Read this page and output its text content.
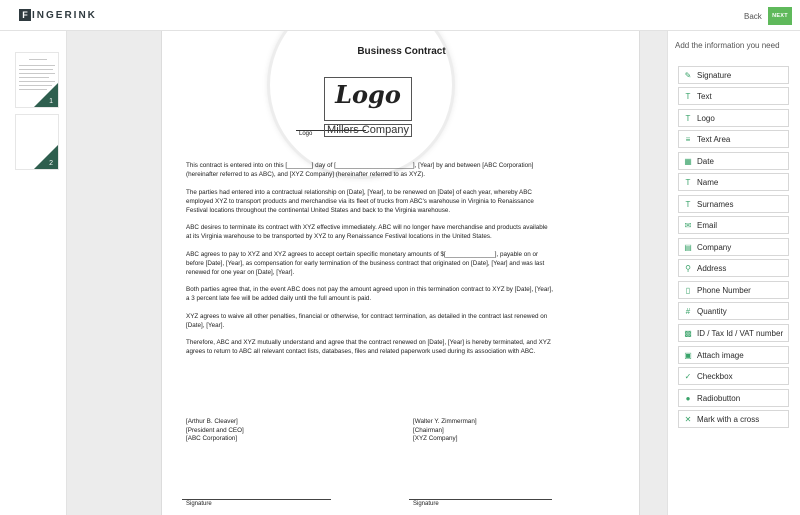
F INGERINK	Back	NEXT
1
2
Business Contract
Logo
Logo Millers Company

This contract is entered into on this [_______] day of [______________________], [Year] by and between [ABC Corporation] (hereinafter referred to as ABC), and [XYZ Company] (hereinafter referred to as XYZ).

The parties had entered into a contractual relationship on [Date], [Year], to be renewed on [Date] of each year, whereby ABC employed XYZ to transport products and merchandise via its fleet of trucks from ABC's warehouse in Virginia to Renaissance Festival locations throughout the continental United States and back to the Virginia warehouse.

ABC desires to terminate its contract with XYZ effective immediately. ABC will no longer have merchandise and products available at its Virginia warehouse to be transported by XYZ to any Renaissance Festival locations in the United States.

ABC agrees to pay to XYZ and XYZ agrees to accept certain specific monetary amounts of $[______________], payable on or before [Date], [Year], as compensation for early termination of the business contract that originated on [Date], [Year] and was last renewed for one year on [Date], [Year].

Both parties agree that, in the event ABC does not pay the amount agreed upon in this termination contract to XYZ by [Date], [Year], a 3 percent late fee will be added daily until the full amount is paid.

XYZ agrees to waive all other penalties, financial or otherwise, for contract termination, as detailed in the contract last renewed on [Date], [Year].

Therefore, ABC and XYZ mutually understand and agree that the contract renewed on [Date], [Year] is hereby terminated, and XYZ agrees to return to ABC all relevant contact lists, databases, files and related paperwork used during its association with ABC.

[Arthur B. Cleaver]
[President and CEO]
[ABC Corporation]
[Walter Y. Zimmerman]
[Chairman]
[XYZ Company]
Signature	Signature
Add the information you need
✎ Signature
T Text
T Logo
≡ Text Area
▦ Date
T Name
T Surnames
✉ Email
▤ Company
⚲ Address
▯ Phone Number
# Quantity
▩ ID / Tax Id / VAT number
▣ Attach image
✓ Checkbox
● Radiobutton
✕ Mark with a cross
